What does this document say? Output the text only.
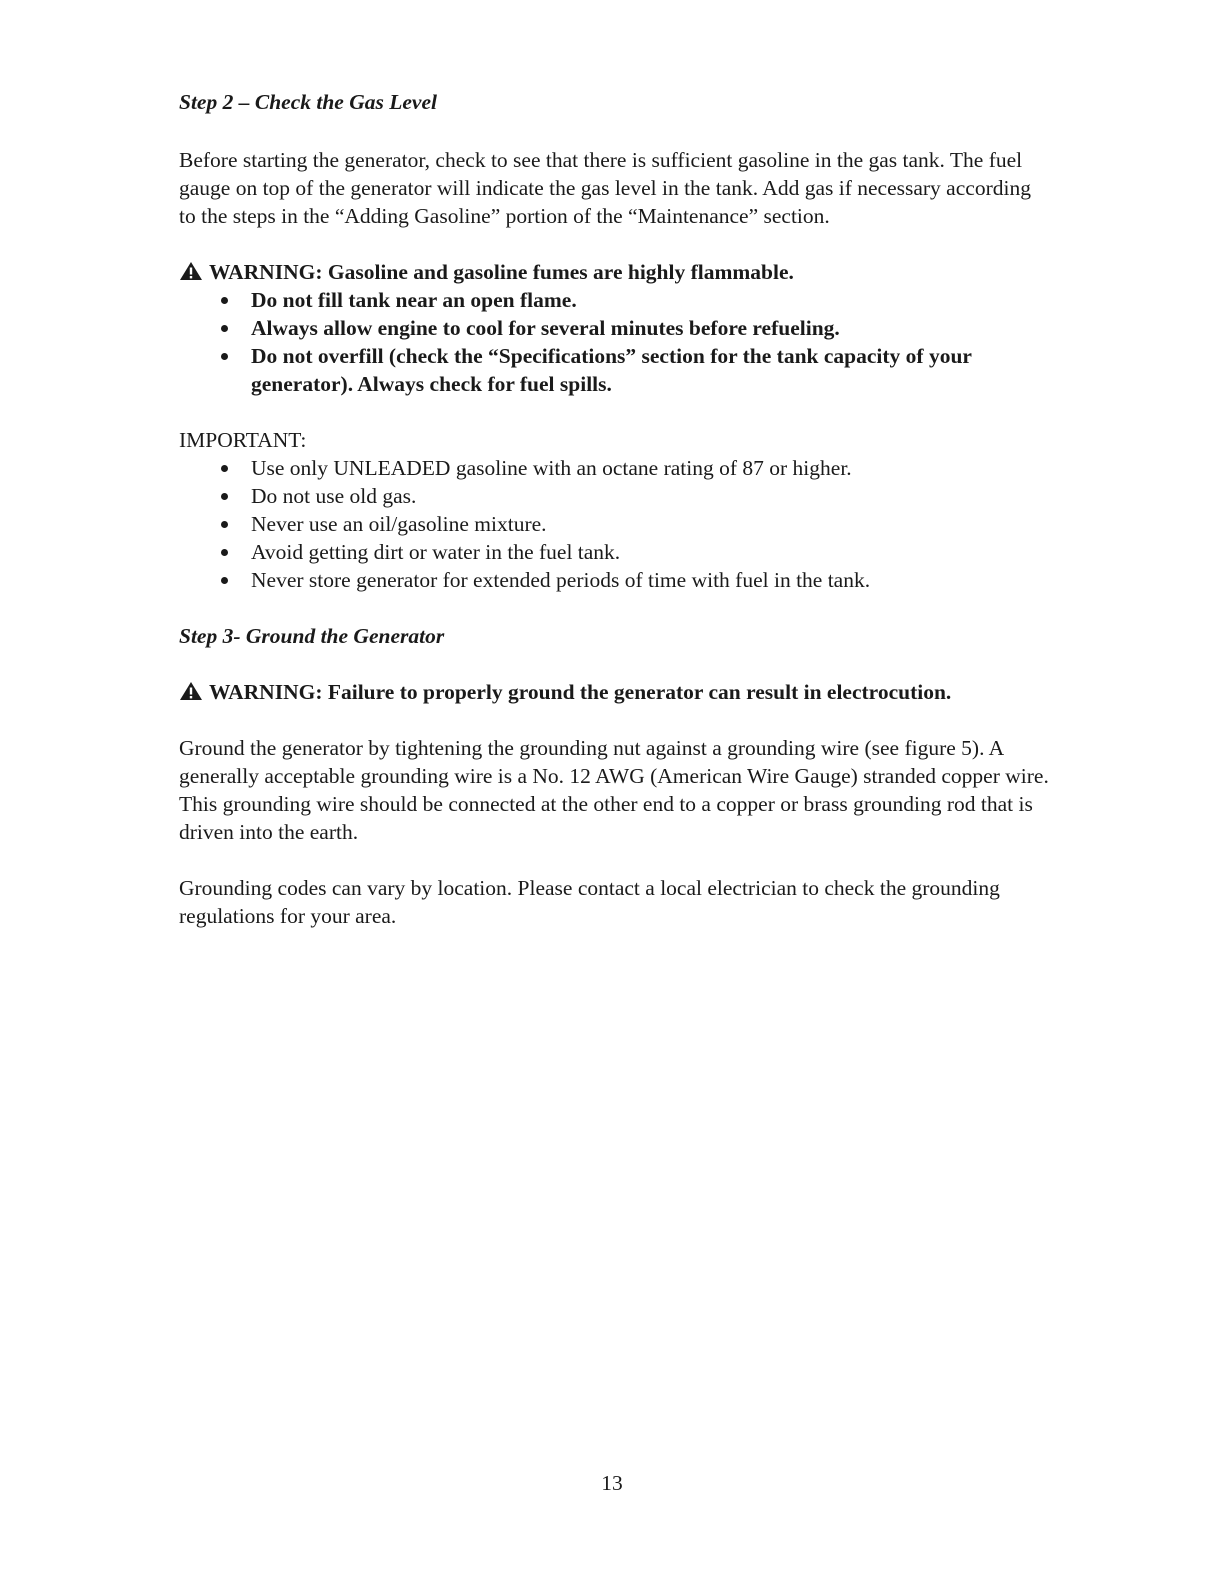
Step 2 – Check the Gas Level

Before starting the generator, check to see that there is sufficient gasoline in the gas tank. The fuel gauge on top of the generator will indicate the gas level in the tank. Add gas if necessary according to the steps in the “Adding Gasoline” portion of the “Maintenance” section.

WARNING: Gasoline and gasoline fumes are highly flammable.

Do not fill tank near an open flame.
Always allow engine to cool for several minutes before refueling.
Do not overfill (check the “Specifications” section for the tank capacity of your generator). Always check for fuel spills.

IMPORTANT:

Use only UNLEADED gasoline with an octane rating of 87 or higher.
Do not use old gas.
Never use an oil/gasoline mixture.
Avoid getting dirt or water in the fuel tank.
Never store generator for extended periods of time with fuel in the tank.

Step 3- Ground the Generator

WARNING: Failure to properly ground the generator can result in electrocution.

Ground the generator by tightening the grounding nut against a grounding wire (see figure 5). A generally acceptable grounding wire is a No. 12 AWG (American Wire Gauge) stranded copper wire. This grounding wire should be connected at the other end to a copper or brass grounding rod that is driven into the earth.

Grounding codes can vary by location. Please contact a local electrician to check the grounding regulations for your area.

13
